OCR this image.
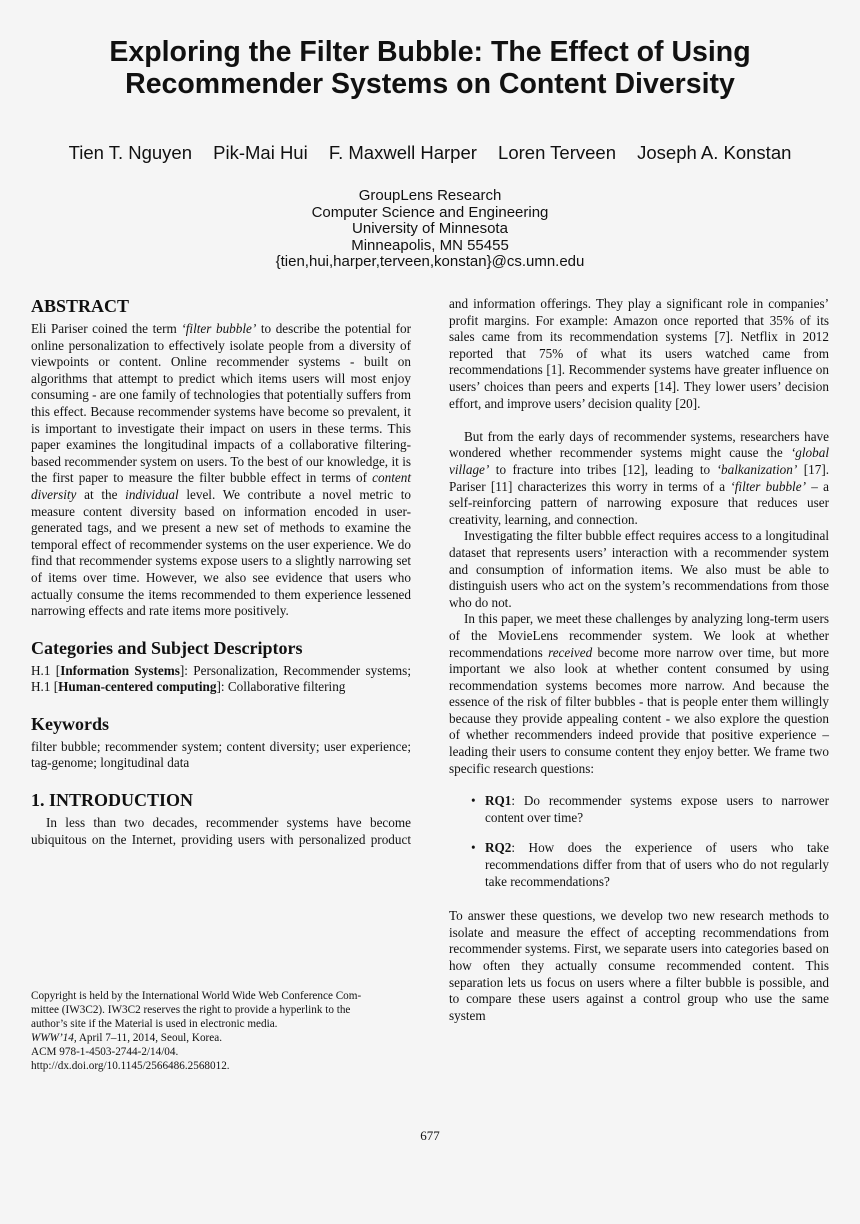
Exploring the Filter Bubble: The Effect of Using
Recommender Systems on Content Diversity
Tien T. Nguyen Pik-Mai Hui F. Maxwell Harper Loren Terveen Joseph A. Konstan
GroupLens Research
Computer Science and Engineering
University of Minnesota
Minneapolis, MN 55455
{tien,hui,harper,terveen,konstan}@cs.umn.edu
ABSTRACT

Eli Pariser coined the term ‘filter bubble’ to describe the potential for online personalization to effectively isolate people from a diversity of viewpoints or content. Online recommender systems - built on algorithms that attempt to predict which items users will most enjoy consuming - are one family of technologies that potentially suffers from this effect. Because recommender systems have become so prevalent, it is important to investigate their impact on users in these terms. This paper examines the longitudinal impacts of a collaborative filtering-based recommender system on users. To the best of our knowledge, it is the first paper to measure the filter bubble effect in terms of content diversity at the individual level. We contribute a novel metric to measure content diversity based on information encoded in user-generated tags, and we present a new set of methods to examine the temporal effect of recommender systems on the user experience. We do find that recommender systems expose users to a slightly narrowing set of items over time. However, we also see evidence that users who actually consume the items recommended to them experience lessened narrowing effects and rate items more positively.

Categories and Subject Descriptors

H.1 [Information Systems]: Personalization, Recommender systems; H.1 [Human-centered computing]: Collaborative filtering

Keywords

filter bubble; recommender system; content diversity; user experience; tag-genome; longitudinal data

1. INTRODUCTION

In less than two decades, recommender systems have become ubiquitous on the Internet, providing users with personalized product

and information offerings. They play a significant role in companies’ profit margins. For example: Amazon once reported that 35% of its sales came from its recommendation systems [7]. Netflix in 2012 reported that 75% of what its users watched came from recommendations [1]. Recommender systems have greater influence on users’ choices than peers and experts [14]. They lower users’ decision effort, and improve users’ decision quality [20].

But from the early days of recommender systems, researchers have wondered whether recommender systems might cause the ‘global village’ to fracture into tribes [12], leading to ‘balkanization’ [17]. Pariser [11] characterizes this worry in terms of a ‘filter bubble’ – a self-reinforcing pattern of narrowing exposure that reduces user creativity, learning, and connection.

Investigating the filter bubble effect requires access to a longitudinal dataset that represents users’ interaction with a recommender system and consumption of information items. We also must be able to distinguish users who act on the system’s recommendations from those who do not.

In this paper, we meet these challenges by analyzing long-term users of the MovieLens recommender system. We look at whether recommendations received become more narrow over time, but more important we also look at whether content consumed by using recommendation systems becomes more narrow. And because the essence of the risk of filter bubbles - that is people enter them willingly because they provide appealing content - we also explore the question of whether recommenders indeed provide that positive experience – leading their users to consume content they enjoy better. We frame two specific research questions:

• RQ1: Do recommender systems expose users to narrower content over time?
• RQ2: How does the experience of users who take recommendations differ from that of users who do not regularly take recommendations?

To answer these questions, we develop two new research methods to isolate and measure the effect of accepting recommendations from recommender systems. First, we separate users into categories based on how often they actually consume recommended content. This separation lets us focus on users where a filter bubble is possible, and to compare these users against a control group who use the same system

Copyright is held by the International World Wide Web Conference Com-
mittee (IW3C2). IW3C2 reserves the right to provide a hyperlink to the
author’s site if the Material is used in electronic media.
WWW’14, April 7–11, 2014, Seoul, Korea.
ACM 978-1-4503-2744-2/14/04.
http://dx.doi.org/10.1145/2566486.2568012.
677
